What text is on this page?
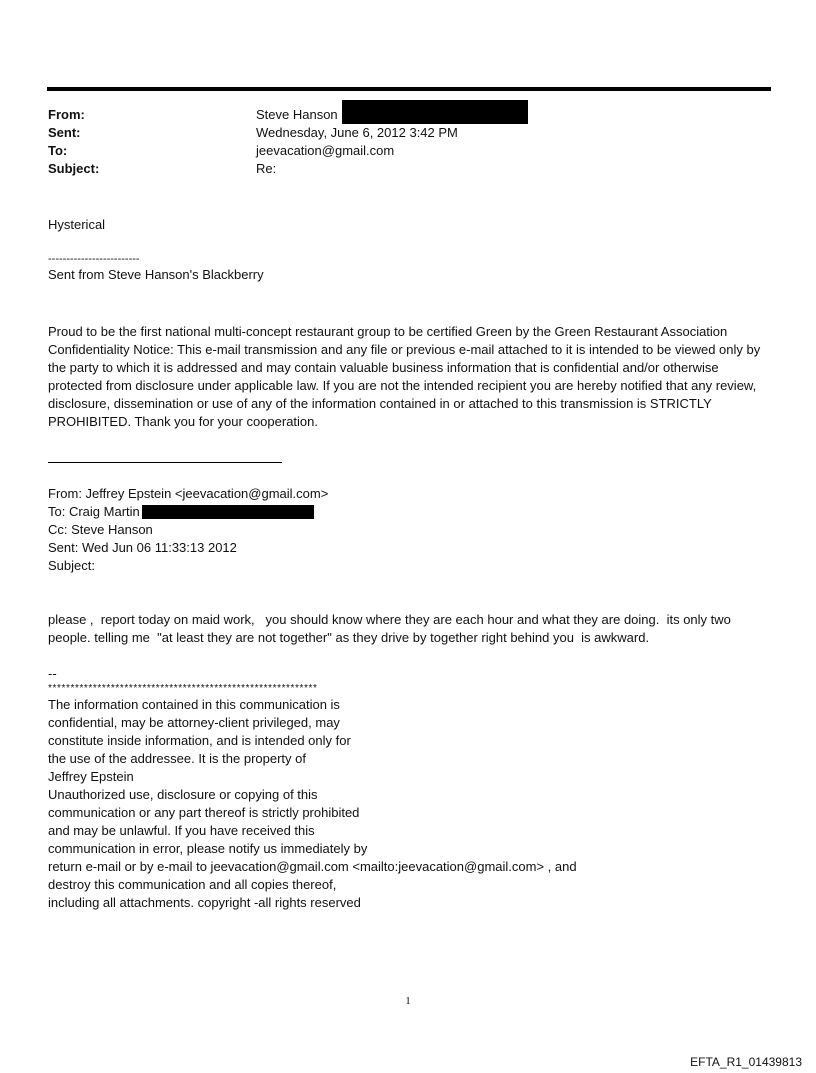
From:	Steve Hanson
Sent:	Wednesday, June 6, 2012 3:42 PM
To:	jeevacation@gmail.com
Subject:	Re:

Hysterical

-------------------------

Sent from Steve Hanson's Blackberry

Proud to be the first national multi-concept restaurant group to be certified Green by the Green Restaurant Association
Confidentiality Notice: This e-mail transmission and any file or previous e-mail attached to it is intended to be viewed only by the party to which it is addressed and may contain valuable business information that is confidential and/or otherwise protected from disclosure under applicable law. If you are not the intended recipient you are hereby notified that any review, disclosure, dissemination or use of any of the information contained in or attached to this transmission is STRICTLY PROHIBITED. Thank you for your cooperation.

From: Jeffrey Epstein <jeevacation@gmail.com>

To: Craig Martin

Cc: Steve Hanson

Sent: Wed Jun 06 11:33:13 2012

Subject:

please ,  report today on maid work,   you should know where they are each hour and what they are doing.  its only two people. telling me  "at least they are not together" as they drive by together right behind you  is awkward.

--

************************************************************

The information contained in this communication is
confidential, may be attorney-client privileged, may
constitute inside information, and is intended only for
the use of the addressee. It is the property of
Jeffrey Epstein
Unauthorized use, disclosure or copying of this
communication or any part thereof is strictly prohibited
and may be unlawful. If you have received this
communication in error, please notify us immediately by
return e-mail or by e-mail to jeevacation@gmail.com <mailto:jeevacation@gmail.com> , and
destroy this communication and all copies thereof,
including all attachments. copyright -all rights reserved

1
EFTA_R1_01439813
